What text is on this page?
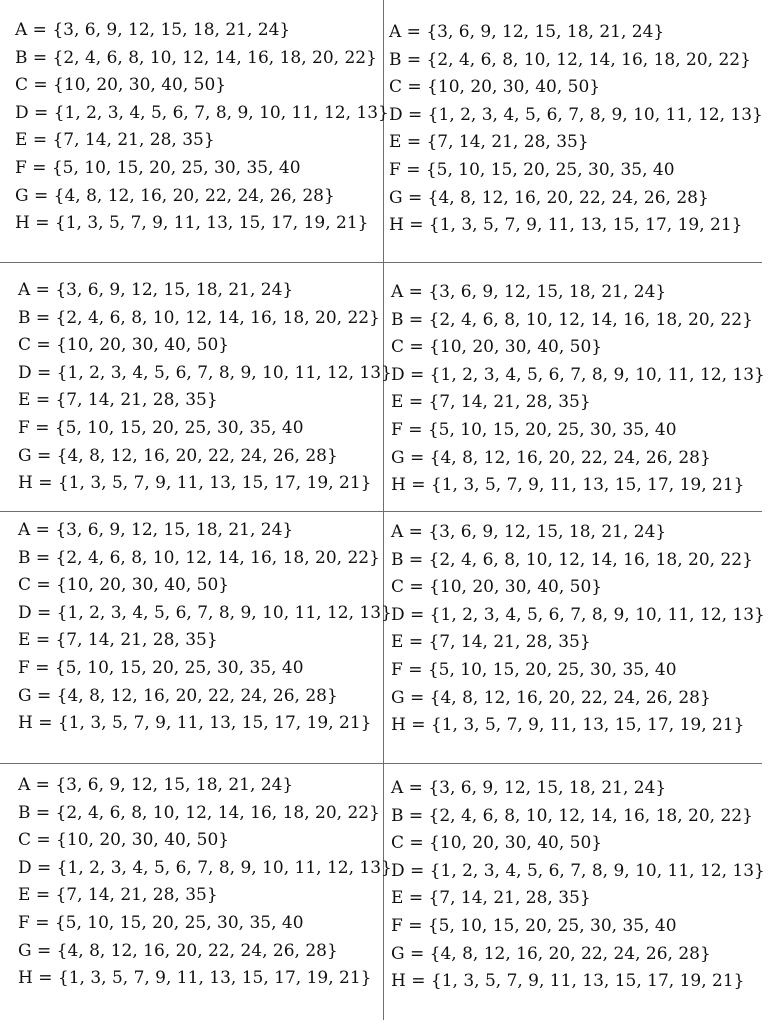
A = {3, 6, 9, 12, 15, 18, 21, 24}
B = {2, 4, 6, 8, 10, 12, 14, 16, 18, 20, 22}
C = {10, 20, 30, 40, 50}
D = {1, 2, 3, 4, 5, 6, 7, 8, 9, 10, 11, 12, 13}
E = {7, 14, 21, 28, 35}
F = {5, 10, 15, 20, 25, 30, 35, 40
G = {4, 8, 12, 16, 20, 22, 24, 26, 28}
H = {1, 3, 5, 7, 9, 11, 13, 15, 17, 19, 21}
A = {3, 6, 9, 12, 15, 18, 21, 24}
B = {2, 4, 6, 8, 10, 12, 14, 16, 18, 20, 22}
C = {10, 20, 30, 40, 50}
D = {1, 2, 3, 4, 5, 6, 7, 8, 9, 10, 11, 12, 13}
E = {7, 14, 21, 28, 35}
F = {5, 10, 15, 20, 25, 30, 35, 40
G = {4, 8, 12, 16, 20, 22, 24, 26, 28}
H = {1, 3, 5, 7, 9, 11, 13, 15, 17, 19, 21}
A = {3, 6, 9, 12, 15, 18, 21, 24}
B = {2, 4, 6, 8, 10, 12, 14, 16, 18, 20, 22}
C = {10, 20, 30, 40, 50}
D = {1, 2, 3, 4, 5, 6, 7, 8, 9, 10, 11, 12, 13}
E = {7, 14, 21, 28, 35}
F = {5, 10, 15, 20, 25, 30, 35, 40
G = {4, 8, 12, 16, 20, 22, 24, 26, 28}
H = {1, 3, 5, 7, 9, 11, 13, 15, 17, 19, 21}
A = {3, 6, 9, 12, 15, 18, 21, 24}
B = {2, 4, 6, 8, 10, 12, 14, 16, 18, 20, 22}
C = {10, 20, 30, 40, 50}
D = {1, 2, 3, 4, 5, 6, 7, 8, 9, 10, 11, 12, 13}
E = {7, 14, 21, 28, 35}
F = {5, 10, 15, 20, 25, 30, 35, 40
G = {4, 8, 12, 16, 20, 22, 24, 26, 28}
H = {1, 3, 5, 7, 9, 11, 13, 15, 17, 19, 21}
A = {3, 6, 9, 12, 15, 18, 21, 24}
B = {2, 4, 6, 8, 10, 12, 14, 16, 18, 20, 22}
C = {10, 20, 30, 40, 50}
D = {1, 2, 3, 4, 5, 6, 7, 8, 9, 10, 11, 12, 13}
E = {7, 14, 21, 28, 35}
F = {5, 10, 15, 20, 25, 30, 35, 40
G = {4, 8, 12, 16, 20, 22, 24, 26, 28}
H = {1, 3, 5, 7, 9, 11, 13, 15, 17, 19, 21}
A = {3, 6, 9, 12, 15, 18, 21, 24}
B = {2, 4, 6, 8, 10, 12, 14, 16, 18, 20, 22}
C = {10, 20, 30, 40, 50}
D = {1, 2, 3, 4, 5, 6, 7, 8, 9, 10, 11, 12, 13}
E = {7, 14, 21, 28, 35}
F = {5, 10, 15, 20, 25, 30, 35, 40
G = {4, 8, 12, 16, 20, 22, 24, 26, 28}
H = {1, 3, 5, 7, 9, 11, 13, 15, 17, 19, 21}
A = {3, 6, 9, 12, 15, 18, 21, 24}
B = {2, 4, 6, 8, 10, 12, 14, 16, 18, 20, 22}
C = {10, 20, 30, 40, 50}
D = {1, 2, 3, 4, 5, 6, 7, 8, 9, 10, 11, 12, 13}
E = {7, 14, 21, 28, 35}
F = {5, 10, 15, 20, 25, 30, 35, 40
G = {4, 8, 12, 16, 20, 22, 24, 26, 28}
H = {1, 3, 5, 7, 9, 11, 13, 15, 17, 19, 21}
A = {3, 6, 9, 12, 15, 18, 21, 24}
B = {2, 4, 6, 8, 10, 12, 14, 16, 18, 20, 22}
C = {10, 20, 30, 40, 50}
D = {1, 2, 3, 4, 5, 6, 7, 8, 9, 10, 11, 12, 13}
E = {7, 14, 21, 28, 35}
F = {5, 10, 15, 20, 25, 30, 35, 40
G = {4, 8, 12, 16, 20, 22, 24, 26, 28}
H = {1, 3, 5, 7, 9, 11, 13, 15, 17, 19, 21}
